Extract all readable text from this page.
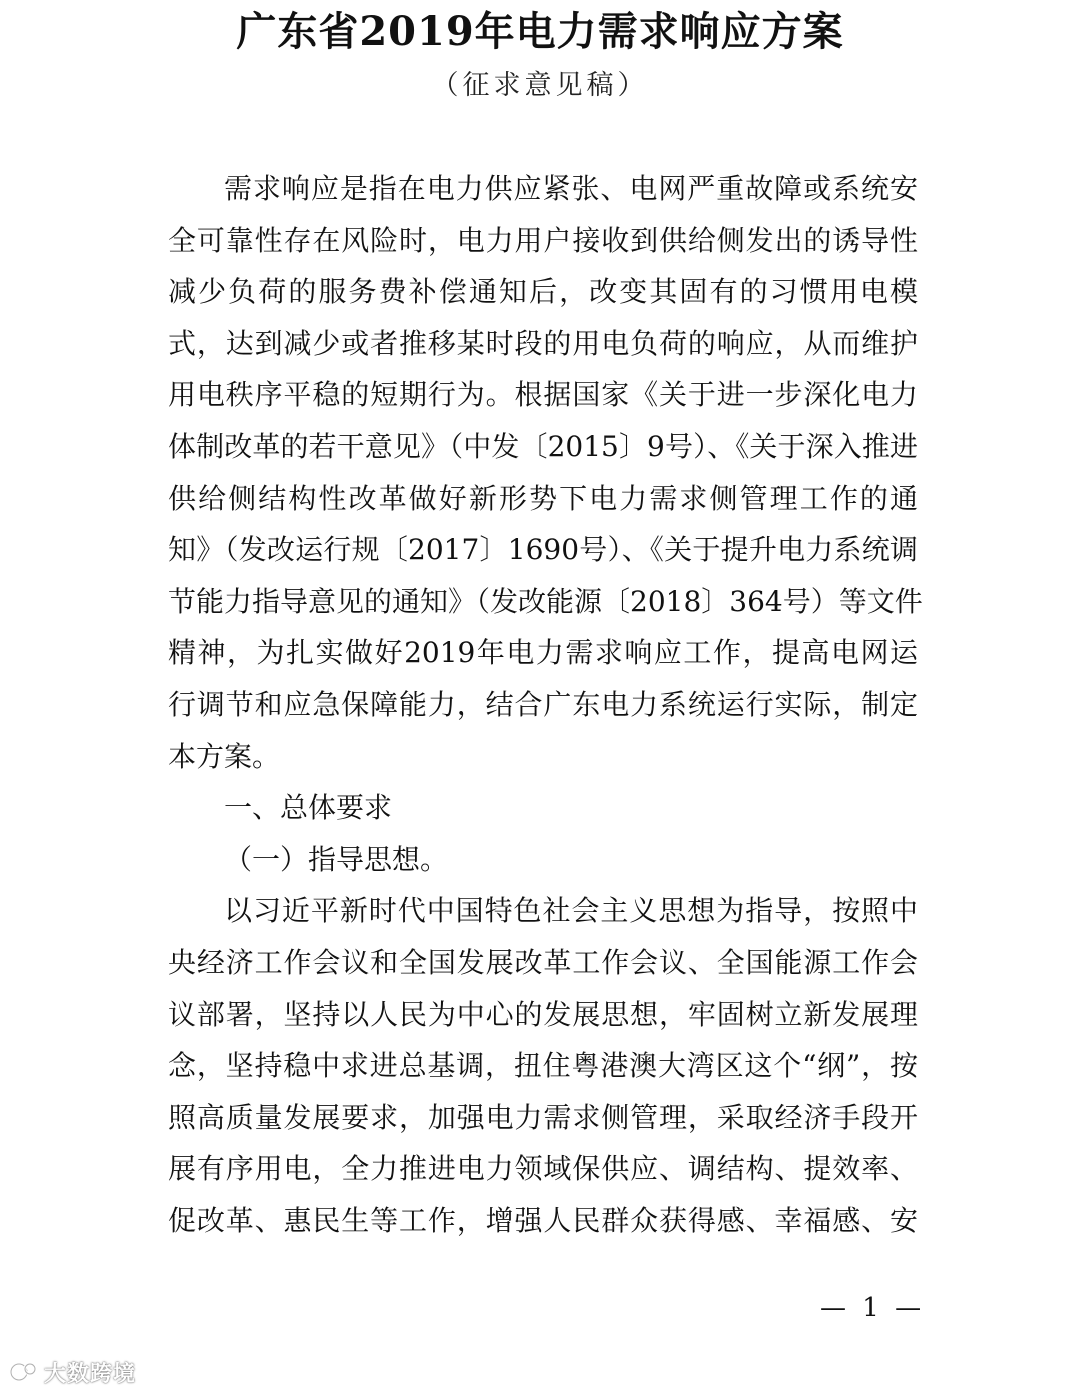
广东省2019年电力需求响应方案
（征求意见稿）
需求响应是指在电力供应紧张、电网严重故障或系统安
全可靠性存在风险时，电力用户接收到供给侧发出的诱导性
减少负荷的服务费补偿通知后，改变其固有的习惯用电模
式，达到减少或者推移某时段的用电负荷的响应，从而维护
用电秩序平稳的短期行为。根据国家《关于进一步深化电力
体制改革的若干意见》（中发〔2015〕9号）、《关于深入推进
供给侧结构性改革做好新形势下电力需求侧管理工作的通
知》（发改运行规〔2017〕1690号）、《关于提升电力系统调
节能力指导意见的通知》（发改能源〔2018〕364号）等文件
精神，为扎实做好2019年电力需求响应工作，提高电网运
行调节和应急保障能力，结合广东电力系统运行实际，制定
本方案。
一、总体要求
（一）指导思想。
以习近平新时代中国特色社会主义思想为指导，按照中
央经济工作会议和全国发展改革工作会议、全国能源工作会
议部署，坚持以人民为中心的发展思想，牢固树立新发展理
念，坚持稳中求进总基调，扭住粤港澳大湾区这个“纲”，按
照高质量发展要求，加强电力需求侧管理，采取经济手段开
展有序用电，全力推进电力领域保供应、调结构、提效率、
促改革、惠民生等工作，增强人民群众获得感、幸福感、安
— 1 —
大数跨境
